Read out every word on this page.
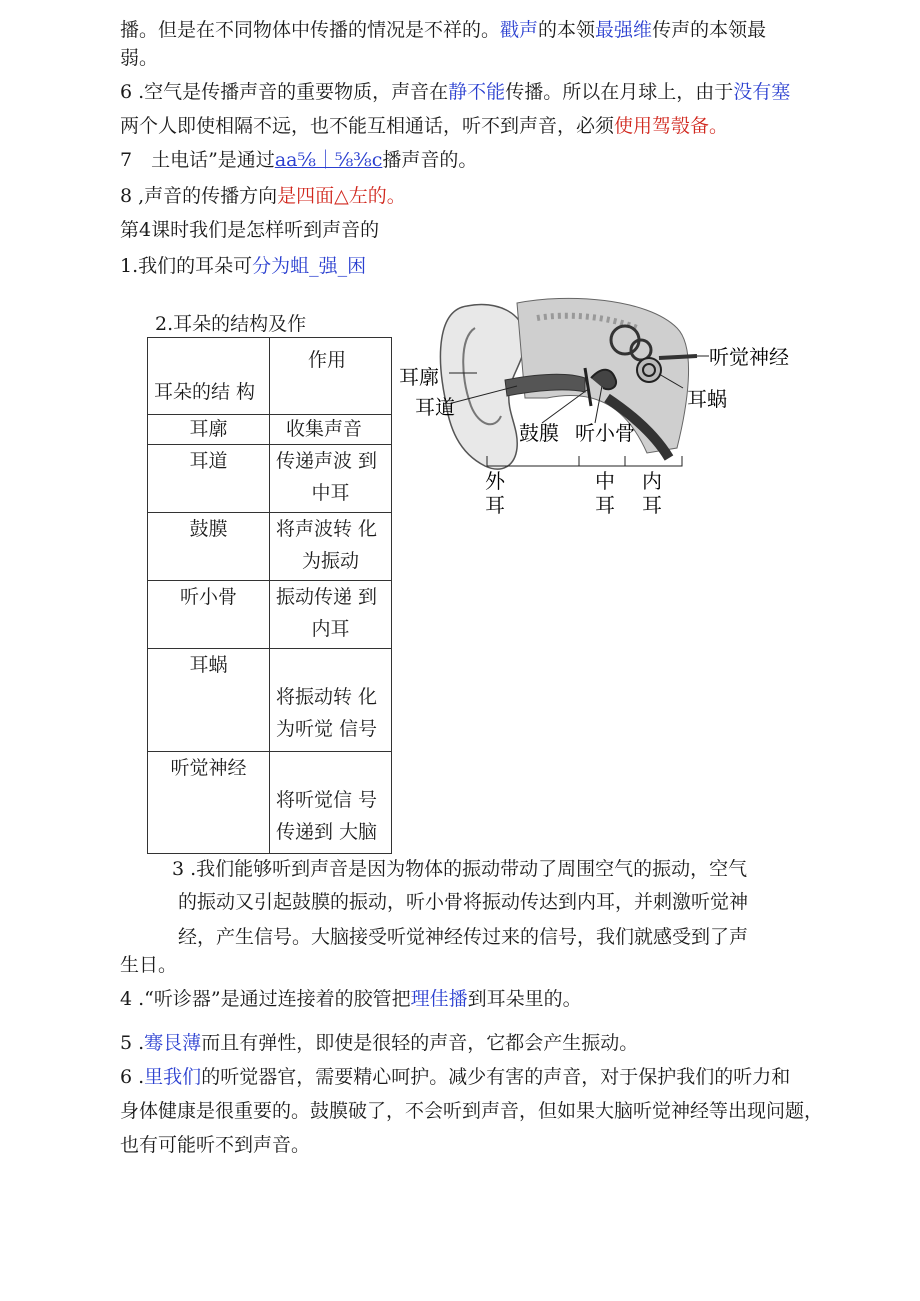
播。但是在不同物体中传播的情况是不祥的。戳声的本领最强维传声的本领最
弱。
6 .空气是传播声音的重要物质，声音在静不能传播。所以在月球上，由于没有塞
两个人即使相隔不远，也不能互相通话，听不到声音，必须使用驾彀备。
7　土电话”是通过aa⅝｜⅝⅜c播声音的。
8 ,声音的传播方向是四面△左的。
第4课时我们是怎样听到声音的
1.我们的耳朵可分为蛆_强_困
2.耳朵的结构及作
耳朵的结 构	作用

耳廓	收集声音

耳道	传递声波 到
中耳

鼓膜	将声波转 化
为振动

听小骨	振动传递 到
内耳

耳蜗	将振动转 化
为听觉 信号

听觉神经	将听觉信 号
传递到 大脑
耳廓
耳道
鼓膜 听小骨
听觉神经
耳蜗
外
耳
中
耳
内
耳
3 .我们能够听到声音是因为物体的振动带动了周围空气的振动，空气
的振动又引起鼓膜的振动，听小骨将振动传达到内耳，并刺激听觉神
经，产生信号。大脑接受听觉神经传过来的信号，我们就感受到了声
生日。
4 .“听诊器”是通过连接着的胶管把理佳播到耳朵里的。
5 .骞艮薄而且有弹性，即使是很轻的声音，它都会产生振动。
6 .里我们的听觉器官，需要精心呵护。减少有害的声音，对于保护我们的听力和
身体健康是很重要的。鼓膜破了，不会听到声音，但如果大脑听觉神经等出现问题，
也有可能听不到声音。
